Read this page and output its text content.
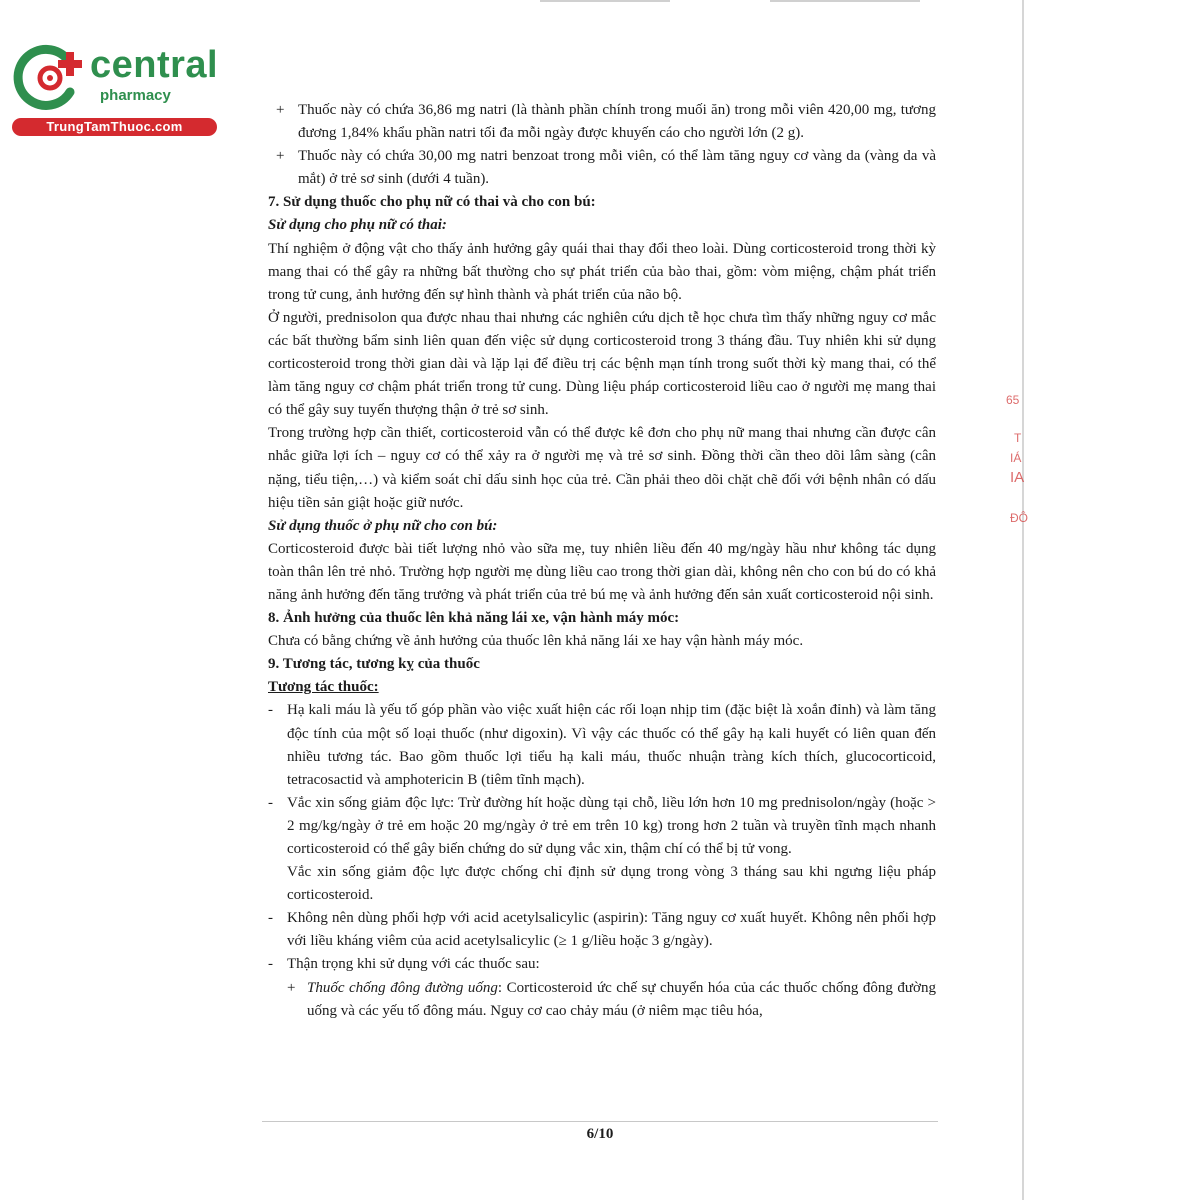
central
pharmacy
TrungTamThuoc.com
65
T
IÁ
IA
ĐÔ

+ Thuốc này có chứa 36,86 mg natri (là thành phần chính trong muối ăn) trong mỗi viên 420,00 mg, tương đương 1,84% khẩu phần natri tối đa mỗi ngày được khuyến cáo cho người lớn (2 g).

+ Thuốc này có chứa 30,00 mg natri benzoat trong mỗi viên, có thể làm tăng nguy cơ vàng da (vàng da và mắt) ở trẻ sơ sinh (dưới 4 tuần).

7. Sử dụng thuốc cho phụ nữ có thai và cho con bú:

Sử dụng cho phụ nữ có thai:

Thí nghiệm ở động vật cho thấy ảnh hưởng gây quái thai thay đổi theo loài. Dùng corticosteroid trong thời kỳ mang thai có thể gây ra những bất thường cho sự phát triển của bào thai, gồm: vòm miệng, chậm phát triển trong tử cung, ảnh hưởng đến sự hình thành và phát triển của não bộ.

Ở người, prednisolon qua được nhau thai nhưng các nghiên cứu dịch tễ học chưa tìm thấy những nguy cơ mắc các bất thường bẩm sinh liên quan đến việc sử dụng corticosteroid trong 3 tháng đầu. Tuy nhiên khi sử dụng corticosteroid trong thời gian dài và lặp lại để điều trị các bệnh mạn tính trong suốt thời kỳ mang thai, có thể làm tăng nguy cơ chậm phát triển trong tử cung. Dùng liệu pháp corticosteroid liều cao ở người mẹ mang thai có thể gây suy tuyến thượng thận ở trẻ sơ sinh.

Trong trường hợp cần thiết, corticosteroid vẫn có thể được kê đơn cho phụ nữ mang thai nhưng cần được cân nhắc giữa lợi ích – nguy cơ có thể xảy ra ở người mẹ và trẻ sơ sinh. Đồng thời cần theo dõi lâm sàng (cân nặng, tiểu tiện,…) và kiểm soát chỉ dấu sinh học của trẻ. Cần phải theo dõi chặt chẽ đối với bệnh nhân có dấu hiệu tiền sản giật hoặc giữ nước.

Sử dụng thuốc ở phụ nữ cho con bú:

Corticosteroid được bài tiết lượng nhỏ vào sữa mẹ, tuy nhiên liều đến 40 mg/ngày hầu như không tác dụng toàn thân lên trẻ nhỏ. Trường hợp người mẹ dùng liều cao trong thời gian dài, không nên cho con bú do có khả năng ảnh hưởng đến tăng trưởng và phát triển của trẻ bú mẹ và ảnh hưởng đến sản xuất corticosteroid nội sinh.

8. Ảnh hưởng của thuốc lên khả năng lái xe, vận hành máy móc:

Chưa có bằng chứng về ảnh hưởng của thuốc lên khả năng lái xe hay vận hành máy móc.

9. Tương tác, tương kỵ của thuốc

Tương tác thuốc:

- Hạ kali máu là yếu tố góp phần vào việc xuất hiện các rối loạn nhịp tim (đặc biệt là xoắn đỉnh) và làm tăng độc tính của một số loại thuốc (như digoxin). Vì vậy các thuốc có thể gây hạ kali huyết có liên quan đến nhiều tương tác. Bao gồm thuốc lợi tiểu hạ kali máu, thuốc nhuận tràng kích thích, glucocorticoid, tetracosactid và amphotericin B (tiêm tĩnh mạch).

- Vắc xin sống giảm độc lực: Trừ đường hít hoặc dùng tại chỗ, liều lớn hơn 10 mg prednisolon/ngày (hoặc > 2 mg/kg/ngày ở trẻ em hoặc 20 mg/ngày ở trẻ em trên 10 kg) trong hơn 2 tuần và truyền tĩnh mạch nhanh corticosteroid có thể gây biến chứng do sử dụng vắc xin, thậm chí có thể bị tử vong.

Vắc xin sống giảm độc lực được chống chỉ định sử dụng trong vòng 3 tháng sau khi ngưng liệu pháp corticosteroid.

- Không nên dùng phối hợp với acid acetylsalicylic (aspirin): Tăng nguy cơ xuất huyết. Không nên phối hợp với liều kháng viêm của acid acetylsalicylic (≥ 1 g/liều hoặc 3 g/ngày).

- Thận trọng khi sử dụng với các thuốc sau:

+ Thuốc chống đông đường uống: Corticosteroid ức chế sự chuyển hóa của các thuốc chống đông đường uống và các yếu tố đông máu. Nguy cơ cao chảy máu (ở niêm mạc tiêu hóa,

6/10
